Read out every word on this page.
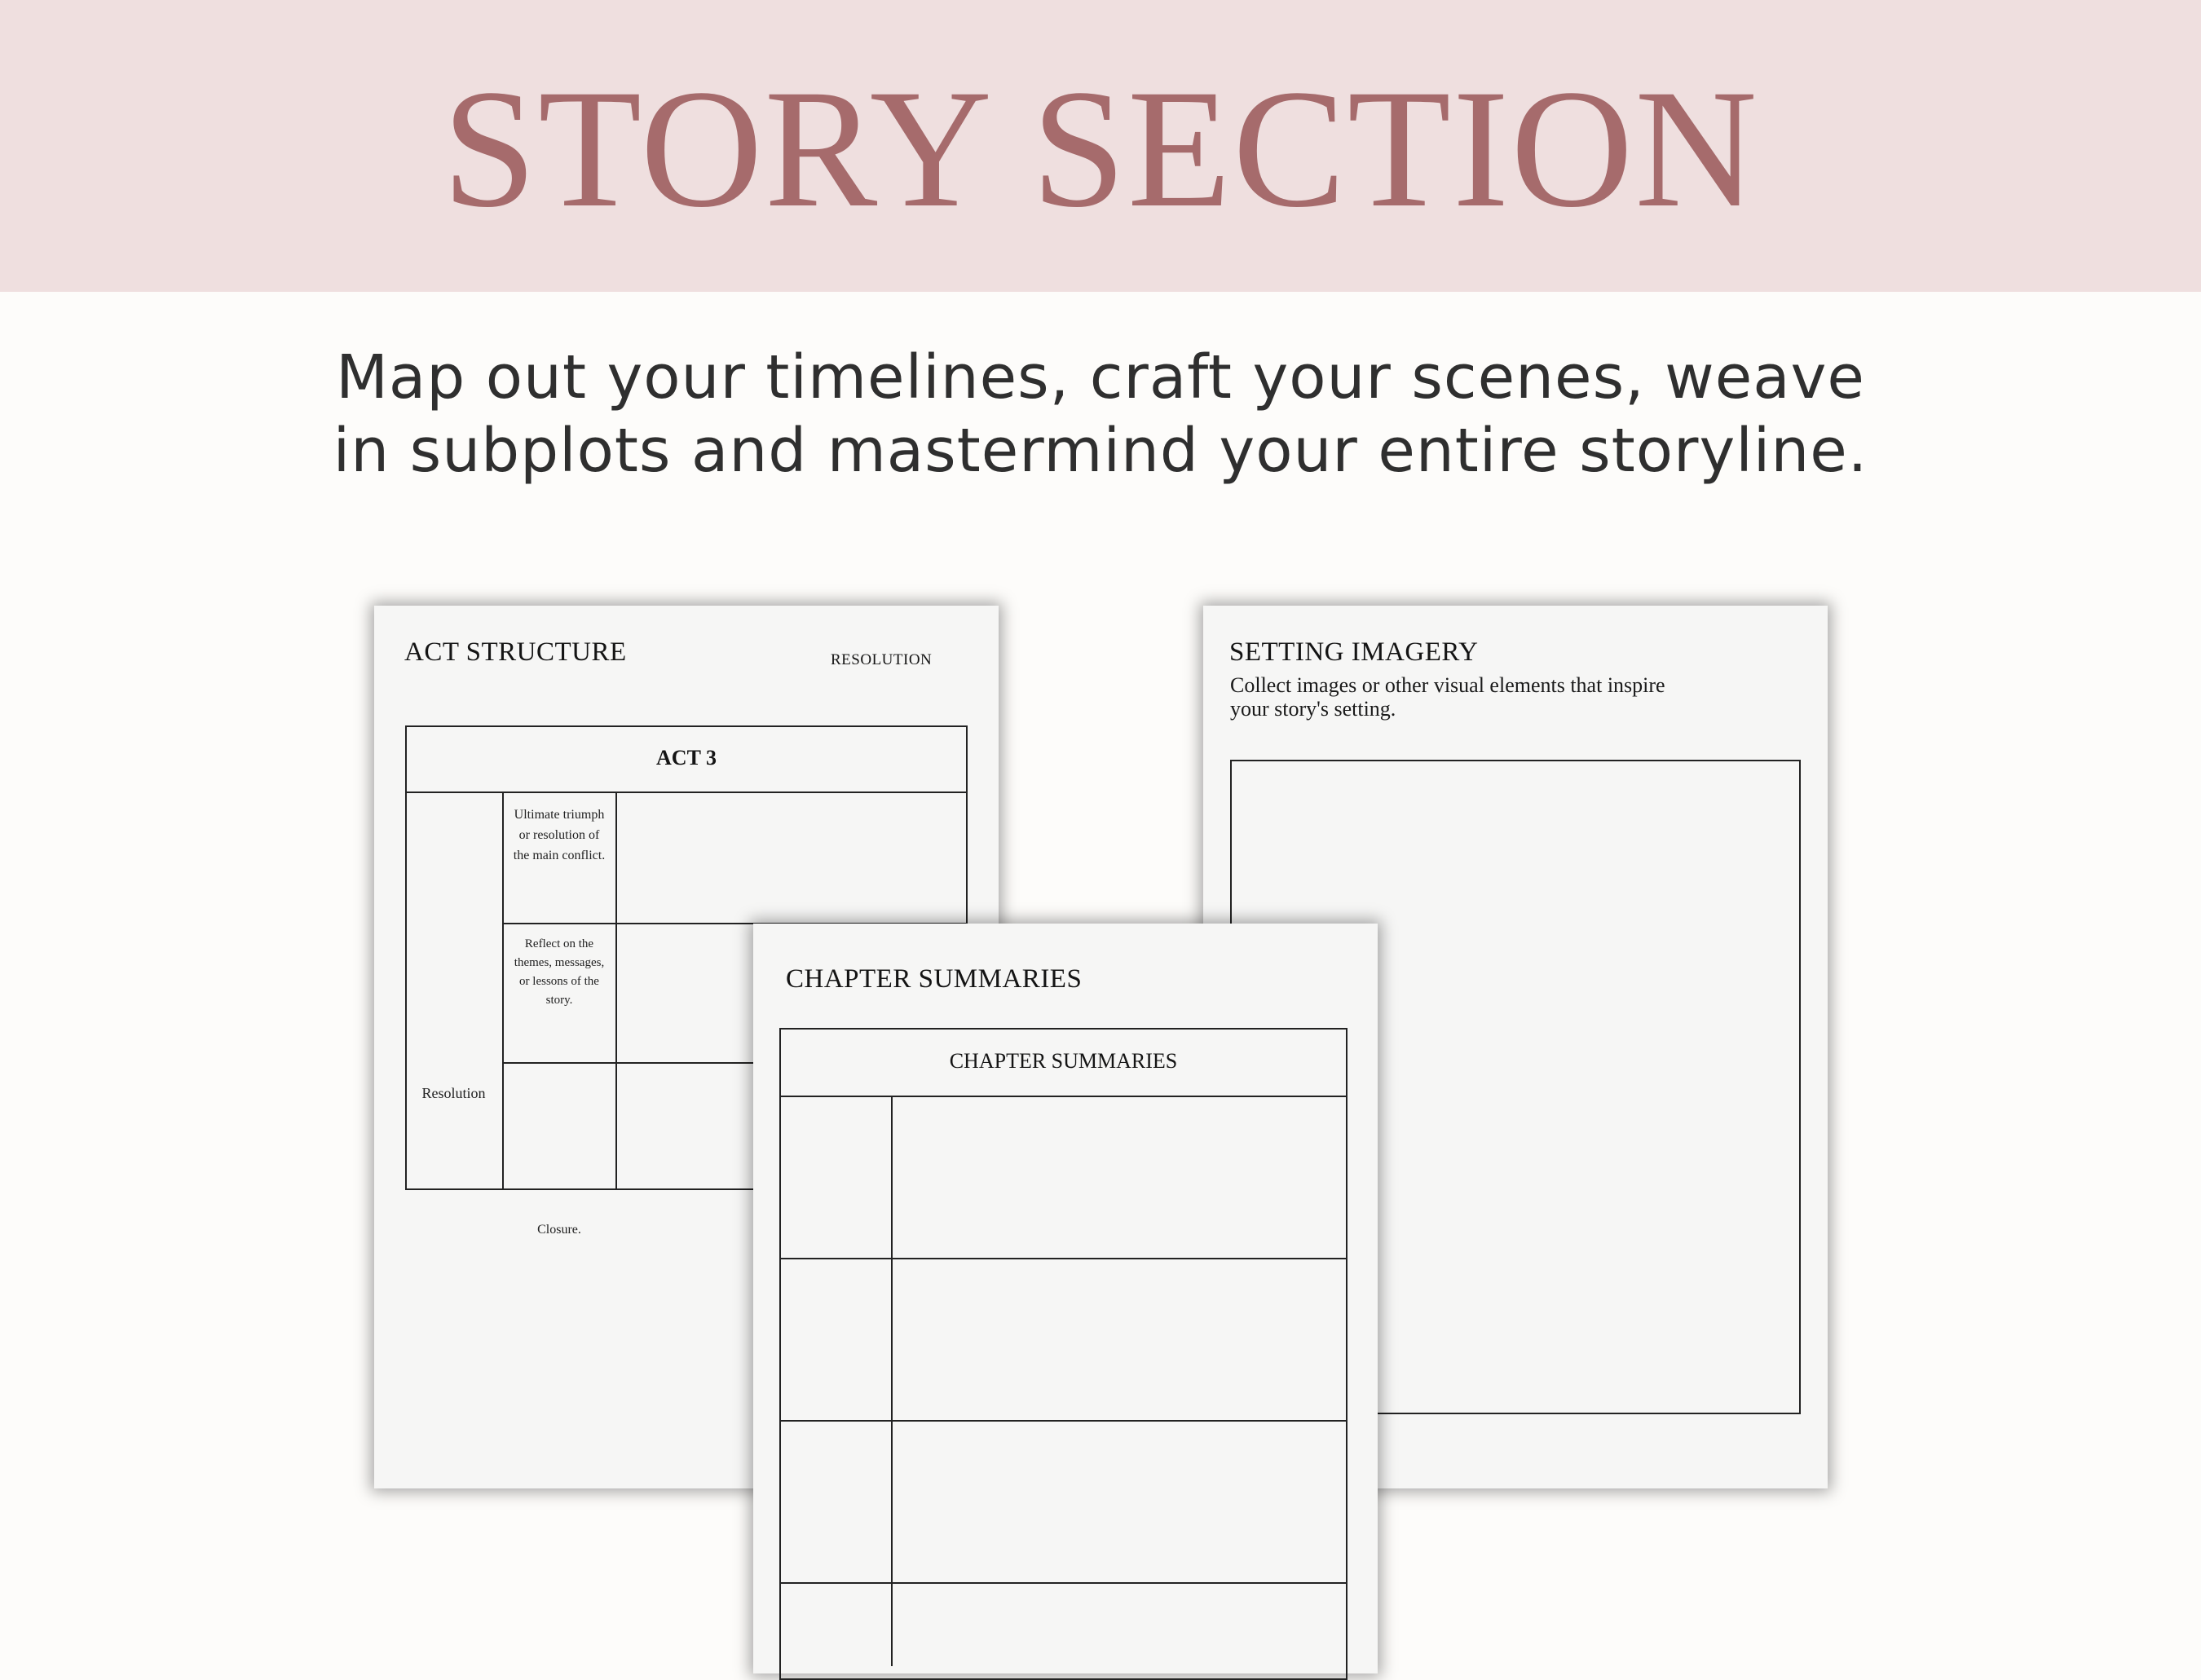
STORY SECTION
Map out your timelines, craft your scenes, weave
in subplots and mastermind your entire storyline.
ACT STRUCTURE	RESOLUTION
ACT 3
Resolution
Ultimate triumph or resolution of the main conflict.
Reflect on the themes, messages, or lessons of the story.
Closure.
SETTING IMAGERY
Collect images or other visual elements that inspire
your story's setting.
CHAPTER SUMMARIES
CHAPTER SUMMARIES
